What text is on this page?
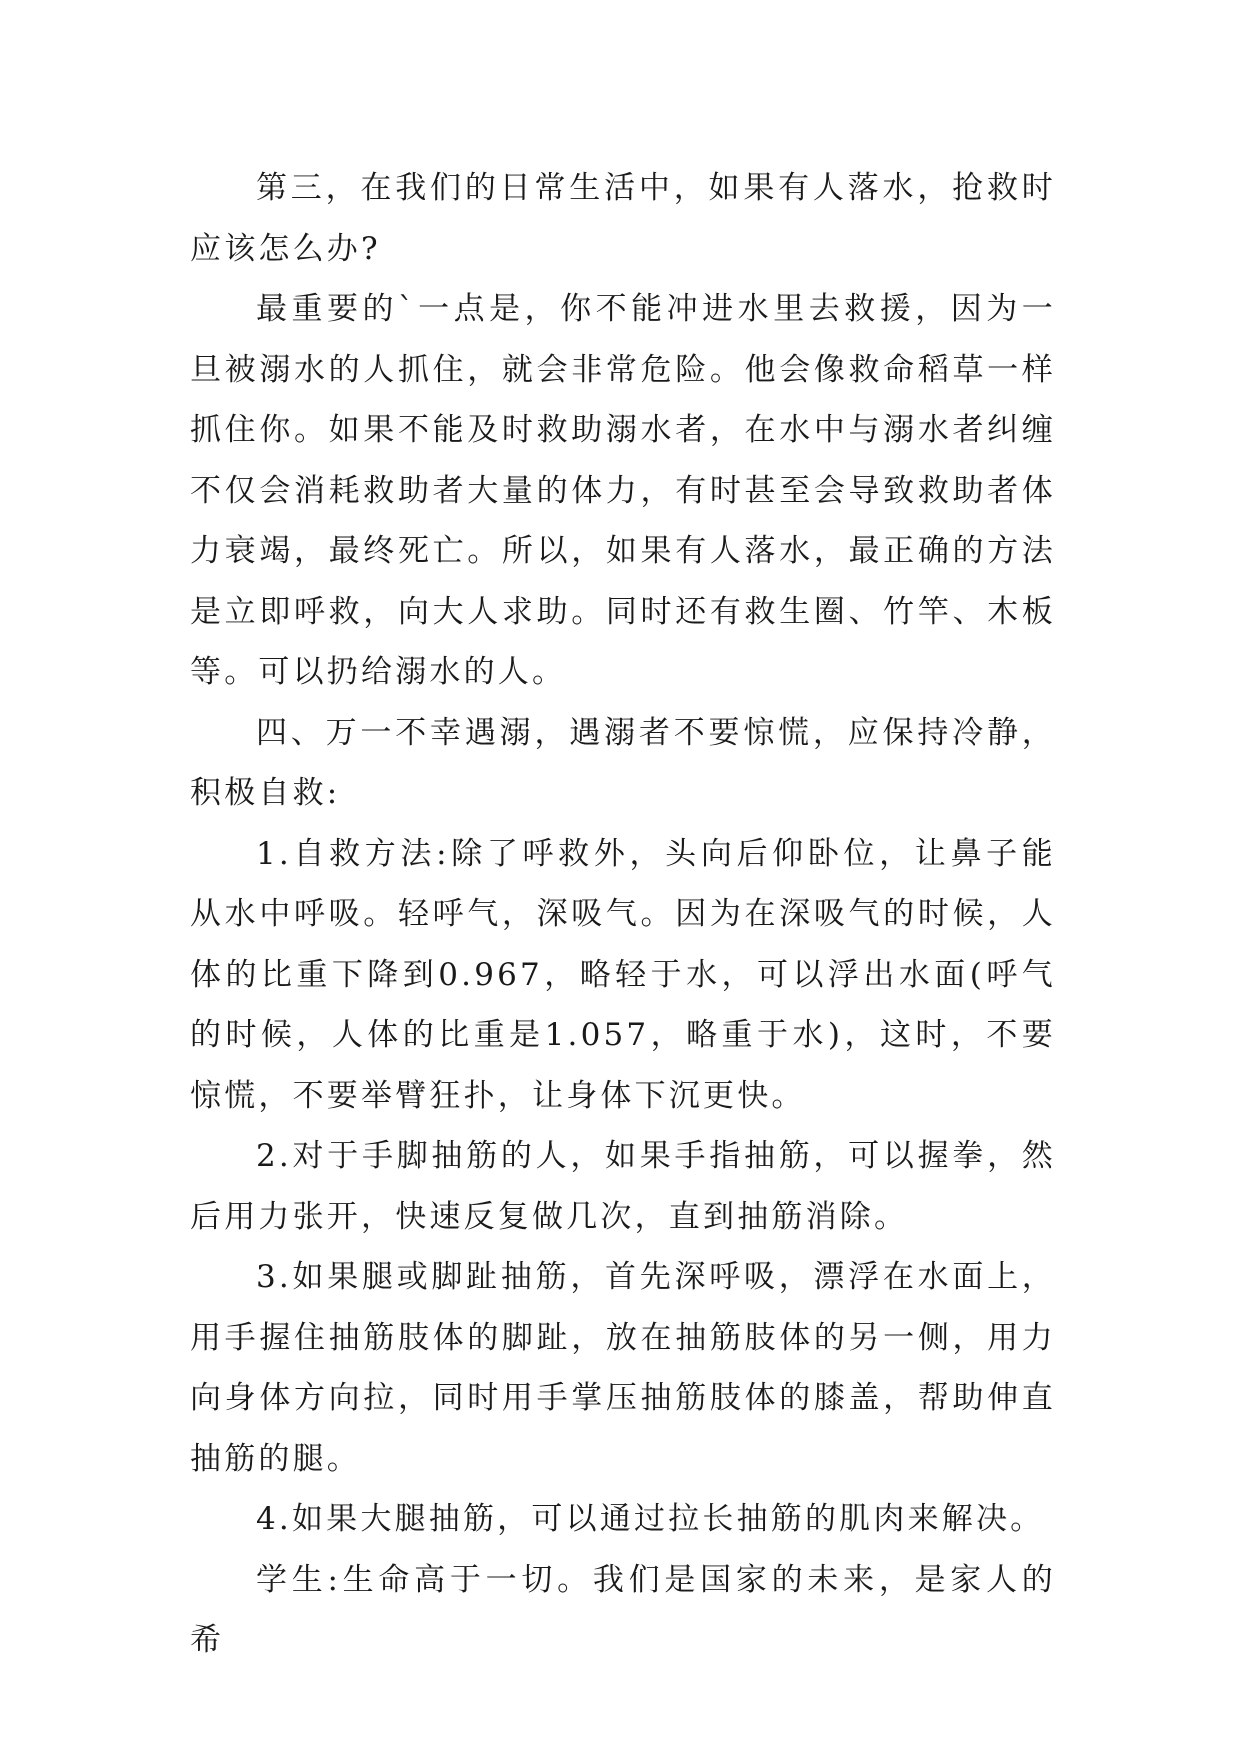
第三，在我们的日常生活中，如果有人落水，抢救时应该怎么办?

最重要的`一点是，你不能冲进水里去救援，因为一旦被溺水的人抓住，就会非常危险。他会像救命稻草一样抓住你。如果不能及时救助溺水者，在水中与溺水者纠缠不仅会消耗救助者大量的体力，有时甚至会导致救助者体力衰竭，最终死亡。所以，如果有人落水，最正确的方法是立即呼救，向大人求助。同时还有救生圈、竹竿、木板等。可以扔给溺水的人。

四、万一不幸遇溺，遇溺者不要惊慌，应保持冷静，积极自救:

1.自救方法:除了呼救外，头向后仰卧位，让鼻子能从水中呼吸。轻呼气，深吸气。因为在深吸气的时候，人体的比重下降到0.967，略轻于水，可以浮出水面(呼气的时候，人体的比重是1.057，略重于水)，这时，不要惊慌，不要举臂狂扑，让身体下沉更快。

2.对于手脚抽筋的人，如果手指抽筋，可以握拳，然后用力张开，快速反复做几次，直到抽筋消除。

3.如果腿或脚趾抽筋，首先深呼吸，漂浮在水面上，用手握住抽筋肢体的脚趾，放在抽筋肢体的另一侧，用力向身体方向拉，同时用手掌压抽筋肢体的膝盖，帮助伸直抽筋的腿。

4.如果大腿抽筋，可以通过拉长抽筋的肌肉来解决。

学生:生命高于一切。我们是国家的未来，是家人的希
